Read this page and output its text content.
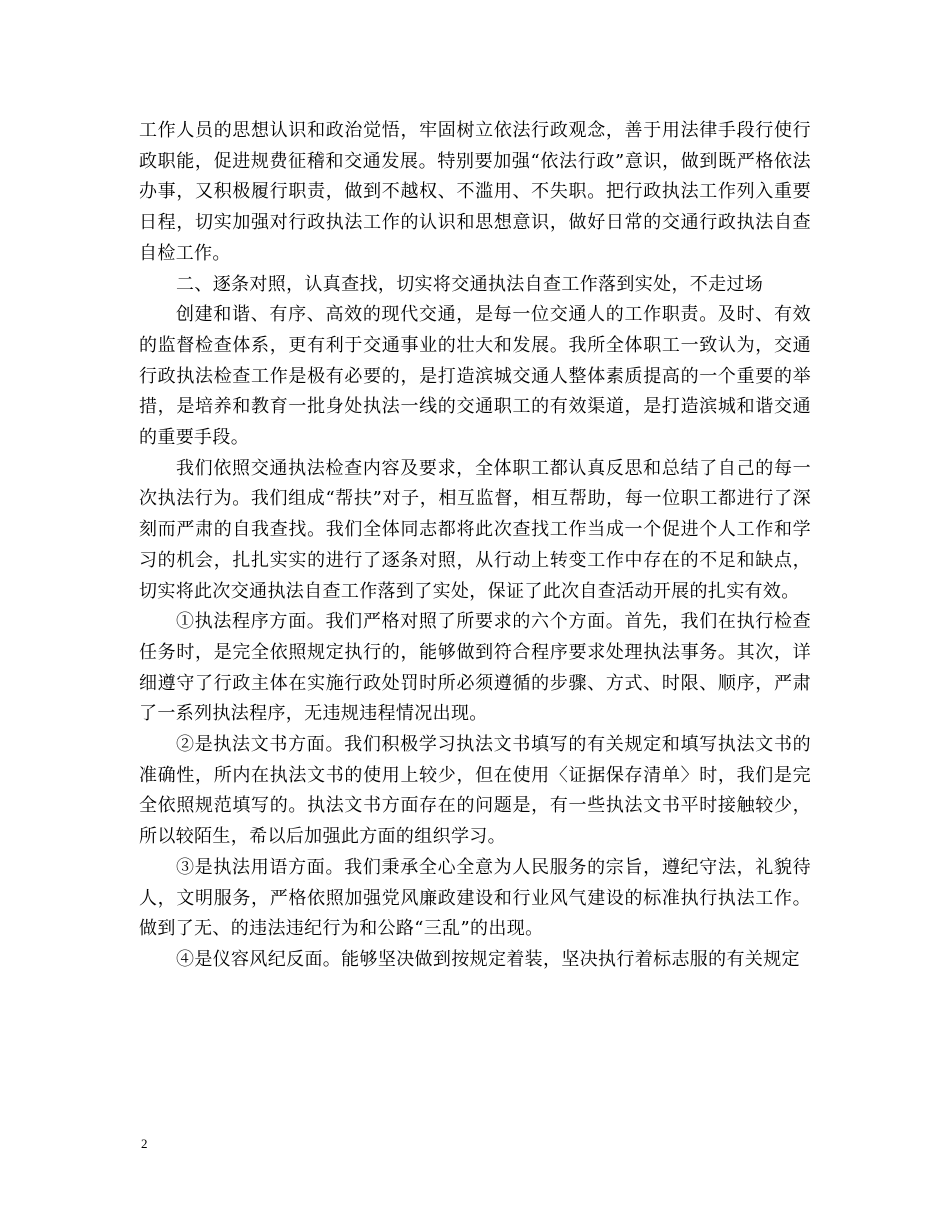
工作人员的思想认识和政治觉悟，牢固树立依法行政观念，善于用法律手段行使行政职能，促进规费征稽和交通发展。特别要加强“依法行政”意识，做到既严格依法办事，又积极履行职责，做到不越权、不滥用、不失职。把行政执法工作列入重要日程，切实加强对行政执法工作的认识和思想意识，做好日常的交通行政执法自查自检工作。

二、逐条对照，认真查找，切实将交通执法自查工作落到实处，不走过场

创建和谐、有序、高效的现代交通，是每一位交通人的工作职责。及时、有效的监督检查体系，更有利于交通事业的壮大和发展。我所全体职工一致认为，交通行政执法检查工作是极有必要的，是打造滨城交通人整体素质提高的一个重要的举措，是培养和教育一批身处执法一线的交通职工的有效渠道，是打造滨城和谐交通的重要手段。

我们依照交通执法检查内容及要求，全体职工都认真反思和总结了自己的每一次执法行为。我们组成“帮扶”对子，相互监督，相互帮助，每一位职工都进行了深刻而严肃的自我查找。我们全体同志都将此次查找工作当成一个促进个人工作和学习的机会，扎扎实实的进行了逐条对照，从行动上转变工作中存在的不足和缺点，切实将此次交通执法自查工作落到了实处，保证了此次自查活动开展的扎实有效。

①执法程序方面。我们严格对照了所要求的六个方面。首先，我们在执行检查任务时，是完全依照规定执行的，能够做到符合程序要求处理执法事务。其次，详细遵守了行政主体在实施行政处罚时所必须遵循的步骤、方式、时限、顺序，严肃了一系列执法程序，无违规违程情况出现。

②是执法文书方面。我们积极学习执法文书填写的有关规定和填写执法文书的准确性，所内在执法文书的使用上较少，但在使用〈证据保存清单〉时，我们是完全依照规范填写的。执法文书方面存在的问题是，有一些执法文书平时接触较少，所以较陌生，希以后加强此方面的组织学习。

③是执法用语方面。我们秉承全心全意为人民服务的宗旨，遵纪守法，礼貌待人，文明服务，严格依照加强党风廉政建设和行业风气建设的标准执行执法工作。做到了无、的违法违纪行为和公路“三乱”的出现。

④是仪容风纪反面。能够坚决做到按规定着装，坚决执行着标志服的有关规定

2
